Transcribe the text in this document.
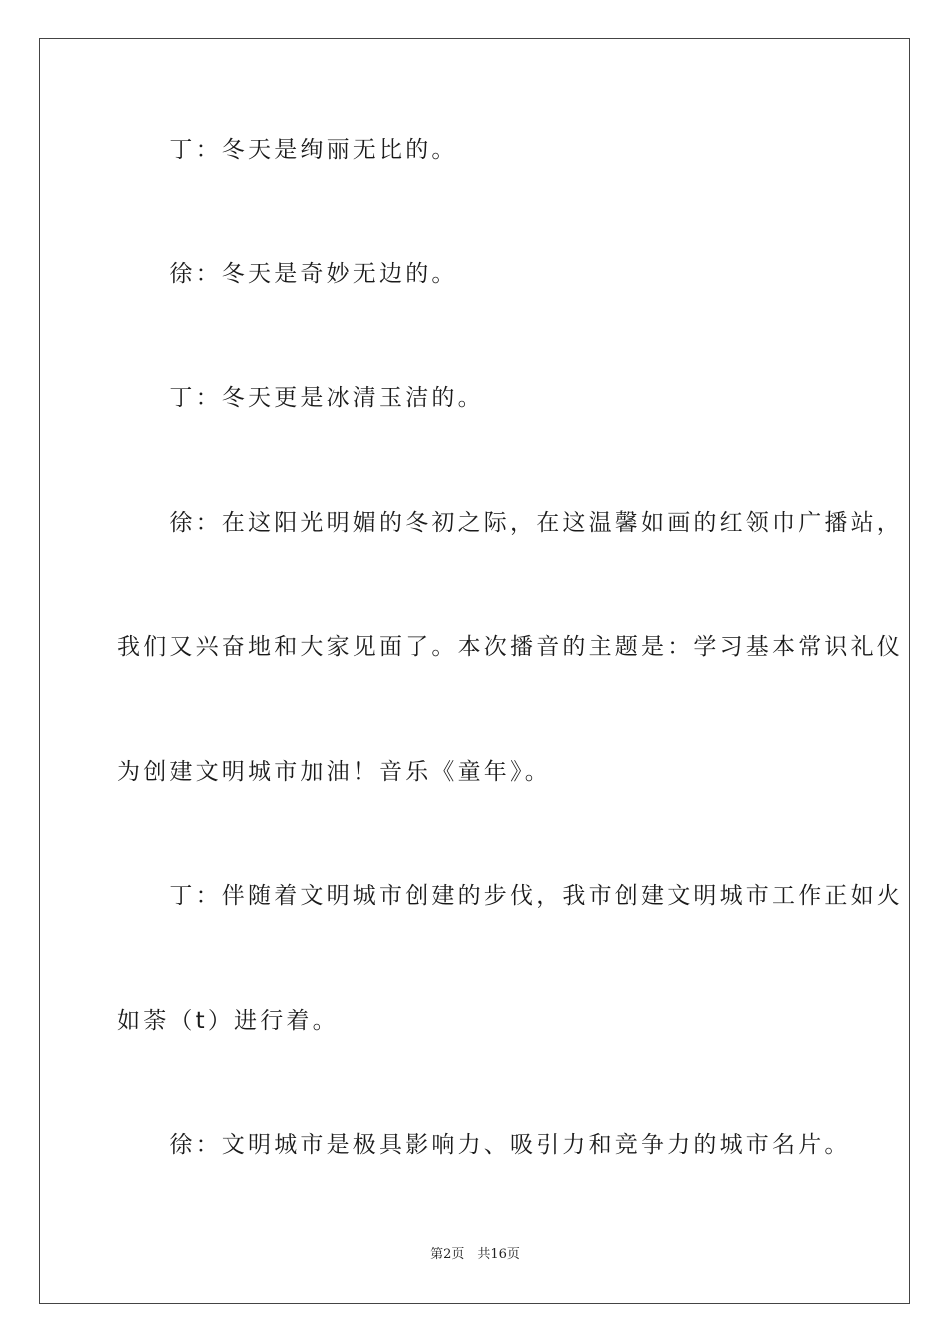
　　丁：冬天是绚丽无比的。

　　徐：冬天是奇妙无边的。

　　丁：冬天更是冰清玉洁的。

　　徐：在这阳光明媚的冬初之际，在这温馨如画的红领巾广播站，

我们又兴奋地和大家见面了。本次播音的主题是：学习基本常识礼仪

为创建文明城市加油！音乐《童年》。

　　丁：伴随着文明城市创建的步伐，我市创建文明城市工作正如火

如荼（t）进行着。

　　徐：文明城市是极具影响力、吸引力和竞争力的城市名片。

第2页　共16页
